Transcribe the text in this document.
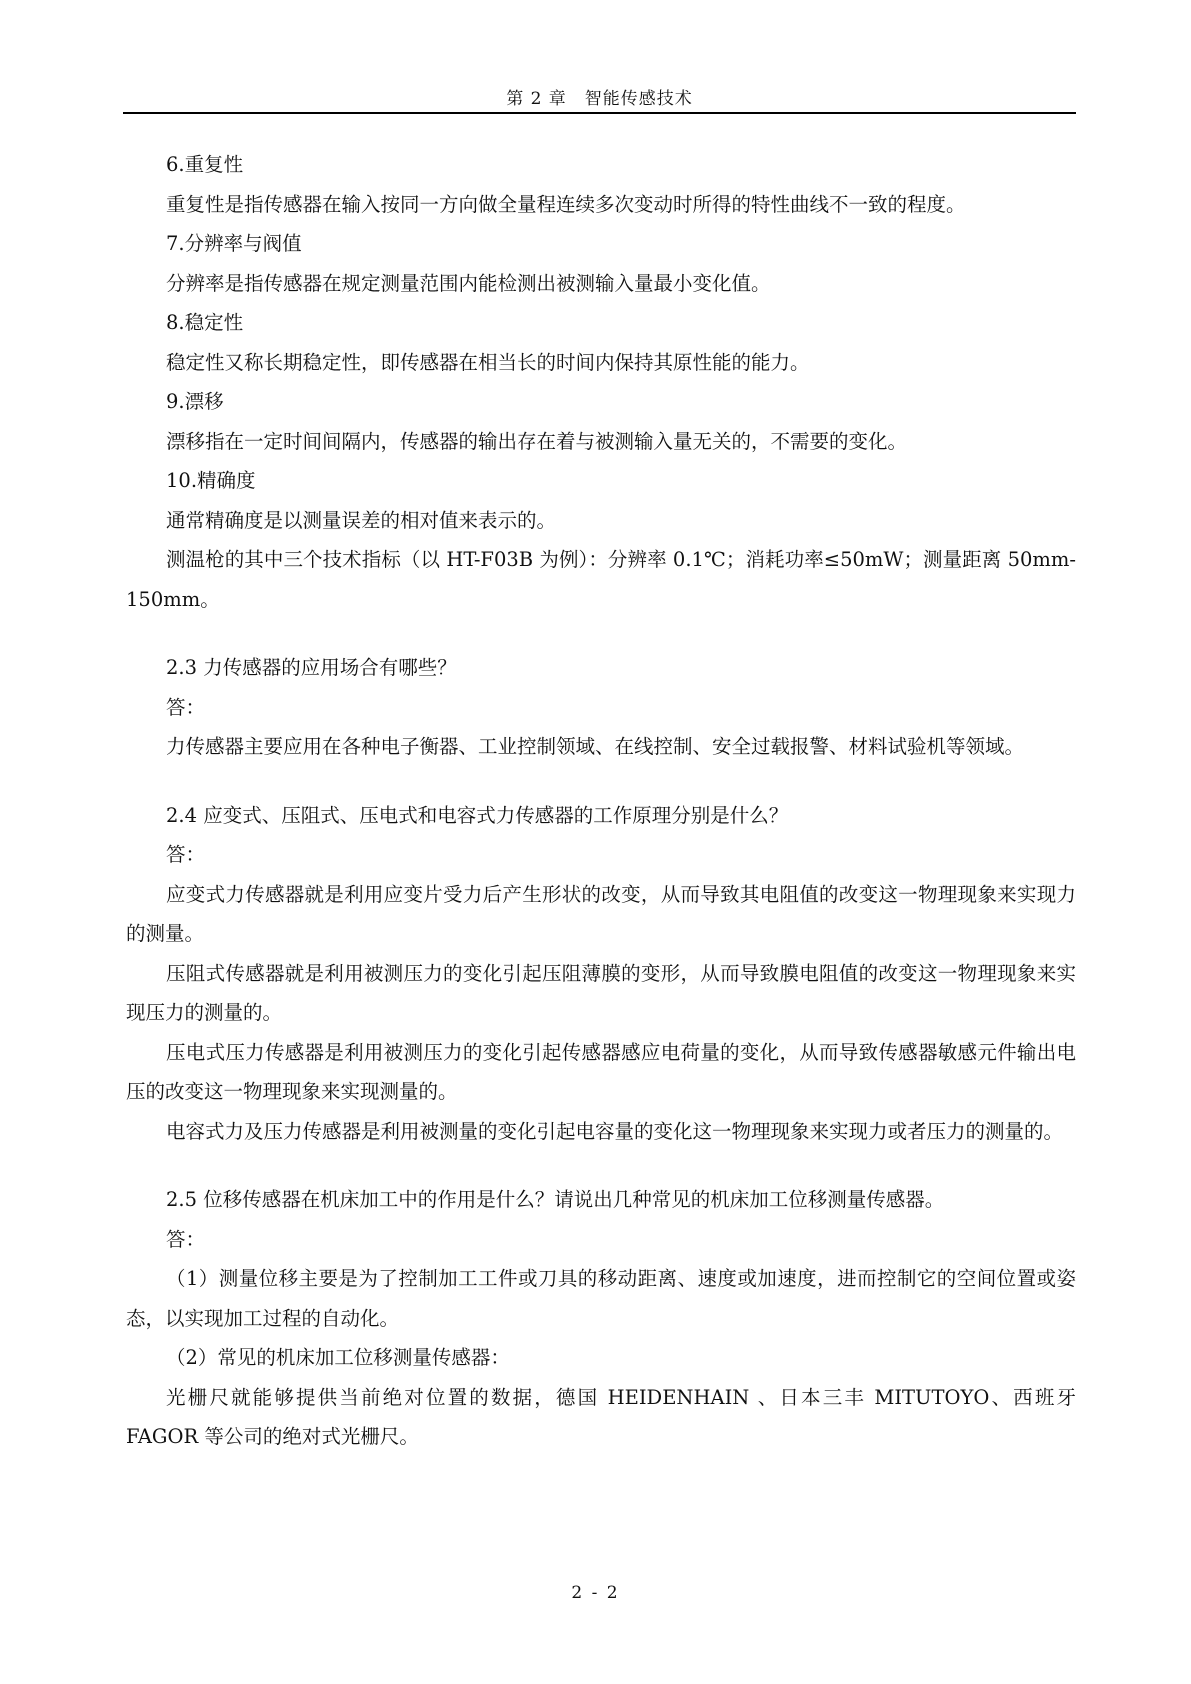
第 2 章　智能传感技术
6.重复性
重复性是指传感器在输入按同一方向做全量程连续多次变动时所得的特性曲线不一致的程度。
7.分辨率与阀值
分辨率是指传感器在规定测量范围内能检测出被测输入量最小变化值。
8.稳定性
稳定性又称长期稳定性，即传感器在相当长的时间内保持其原性能的能力。
9.漂移
漂移指在一定时间间隔内，传感器的输出存在着与被测输入量无关的，不需要的变化。
10.精确度
通常精确度是以测量误差的相对值来表示的。
测温枪的其中三个技术指标（以 HT-F03B 为例）：分辨率 0.1℃；消耗功率≤50mW；测量距离 50mm-150mm。
2.3 力传感器的应用场合有哪些？
答：
力传感器主要应用在各种电子衡器、工业控制领域、在线控制、安全过载报警、材料试验机等领域。
2.4 应变式、压阻式、压电式和电容式力传感器的工作原理分别是什么？
答：
应变式力传感器就是利用应变片受力后产生形状的改变，从而导致其电阻值的改变这一物理现象来实现力的测量。
压阻式传感器就是利用被测压力的变化引起压阻薄膜的变形，从而导致膜电阻值的改变这一物理现象来实现压力的测量的。
压电式压力传感器是利用被测压力的变化引起传感器感应电荷量的变化，从而导致传感器敏感元件输出电压的改变这一物理现象来实现测量的。
电容式力及压力传感器是利用被测量的变化引起电容量的变化这一物理现象来实现力或者压力的测量的。
2.5 位移传感器在机床加工中的作用是什么？请说出几种常见的机床加工位移测量传感器。
答：
（1）测量位移主要是为了控制加工工件或刀具的移动距离、速度或加速度，进而控制它的空间位置或姿态，以实现加工过程的自动化。
（2）常见的机床加工位移测量传感器：
光栅尺就能够提供当前绝对位置的数据，德国 HEIDENHAIN 、日本三丰 MITUTOYO、西班牙 FAGOR 等公司的绝对式光栅尺。
2 - 2
